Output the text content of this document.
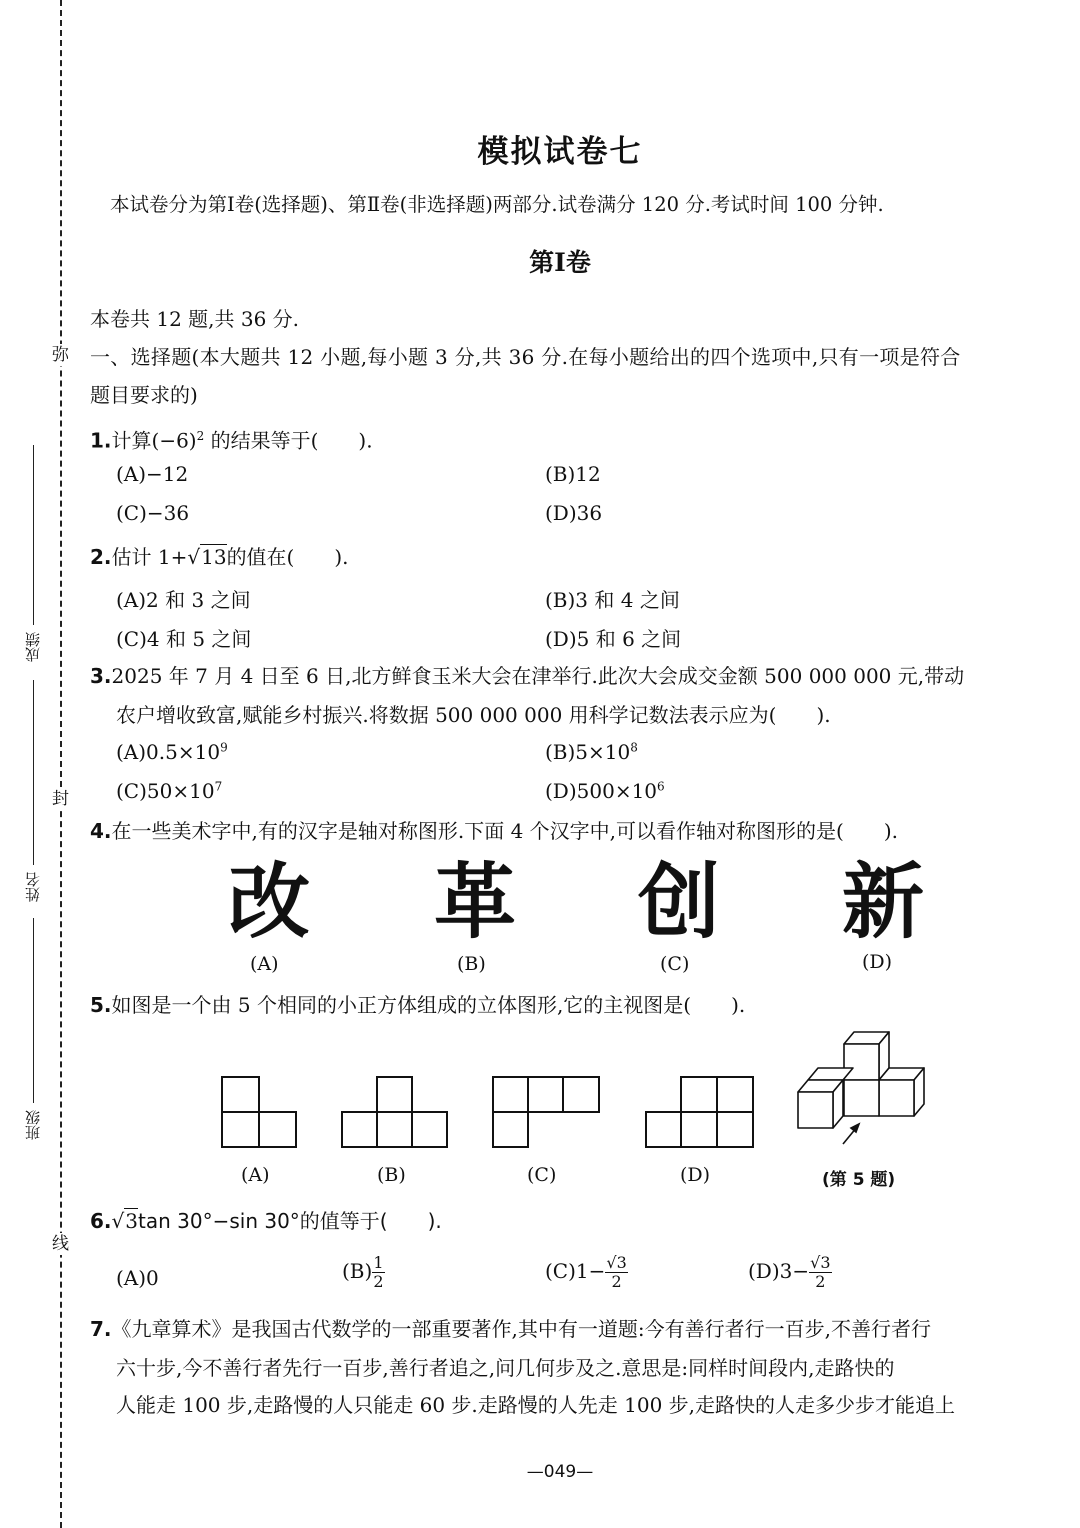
弥
封
线
成绩
姓名
班级
模拟试卷七
本试卷分为第Ⅰ卷(选择题)、第Ⅱ卷(非选择题)两部分.试卷满分 120 分.考试时间 100 分钟.
第Ⅰ卷
本卷共 12 题,共 36 分.
一、选择题(本大题共 12 小题,每小题 3 分,共 36 分.在每小题给出的四个选项中,只有一项是符合
题目要求的)
1.计算$(-6)^2$ 的结果等于(　　).
(A)−12	(B)12
(C)−36	(D)36
2.估计 1+√13的值在(　　).
(A)2 和 3 之间	(B)3 和 4 之间
(C)4 和 5 之间	(D)5 和 6 之间
3.2025 年 7 月 4 日至 6 日,北方鲜食玉米大会在津举行.此次大会成交金额 500 000 000 元,带动
农户增收致富,赋能乡村振兴.将数据 500 000 000 用科学记数法表示应为(　　).
$(A)0.5\times 10^9$	$(B)5\times 10^8$
$(C)50\times 10^7$	$(D)500\times 10^6$
4.在一些美术字中,有的汉字是轴对称图形.下面 4 个汉字中,可以看作轴对称图形的是(　　).
改 革 创 新
(A)	(B)	(C)	(D)
5.如图是一个由 5 个相同的小正方体组成的立体图形,它的主视图是(　　).
(A)	(B)	(C)	(D)	(第 5 题)
6.√3tan 30°−sin 30°的值等于(　　).
(A)0	$(B) \frac{1}{2}$	$(C)1- \frac{√3}{2}$	$(D)3- \frac{√3}{2}$
7.《九章算术》是我国古代数学的一部重要著作,其中有一道题:今有善行者行一百步,不善行者行
六十步,今不善行者先行一百步,善行者追之,问几何步及之.意思是:同样时间段内,走路快的
人能走 100 步,走路慢的人只能走 60 步.走路慢的人先走 100 步,走路快的人走多少步才能追上
—049—
